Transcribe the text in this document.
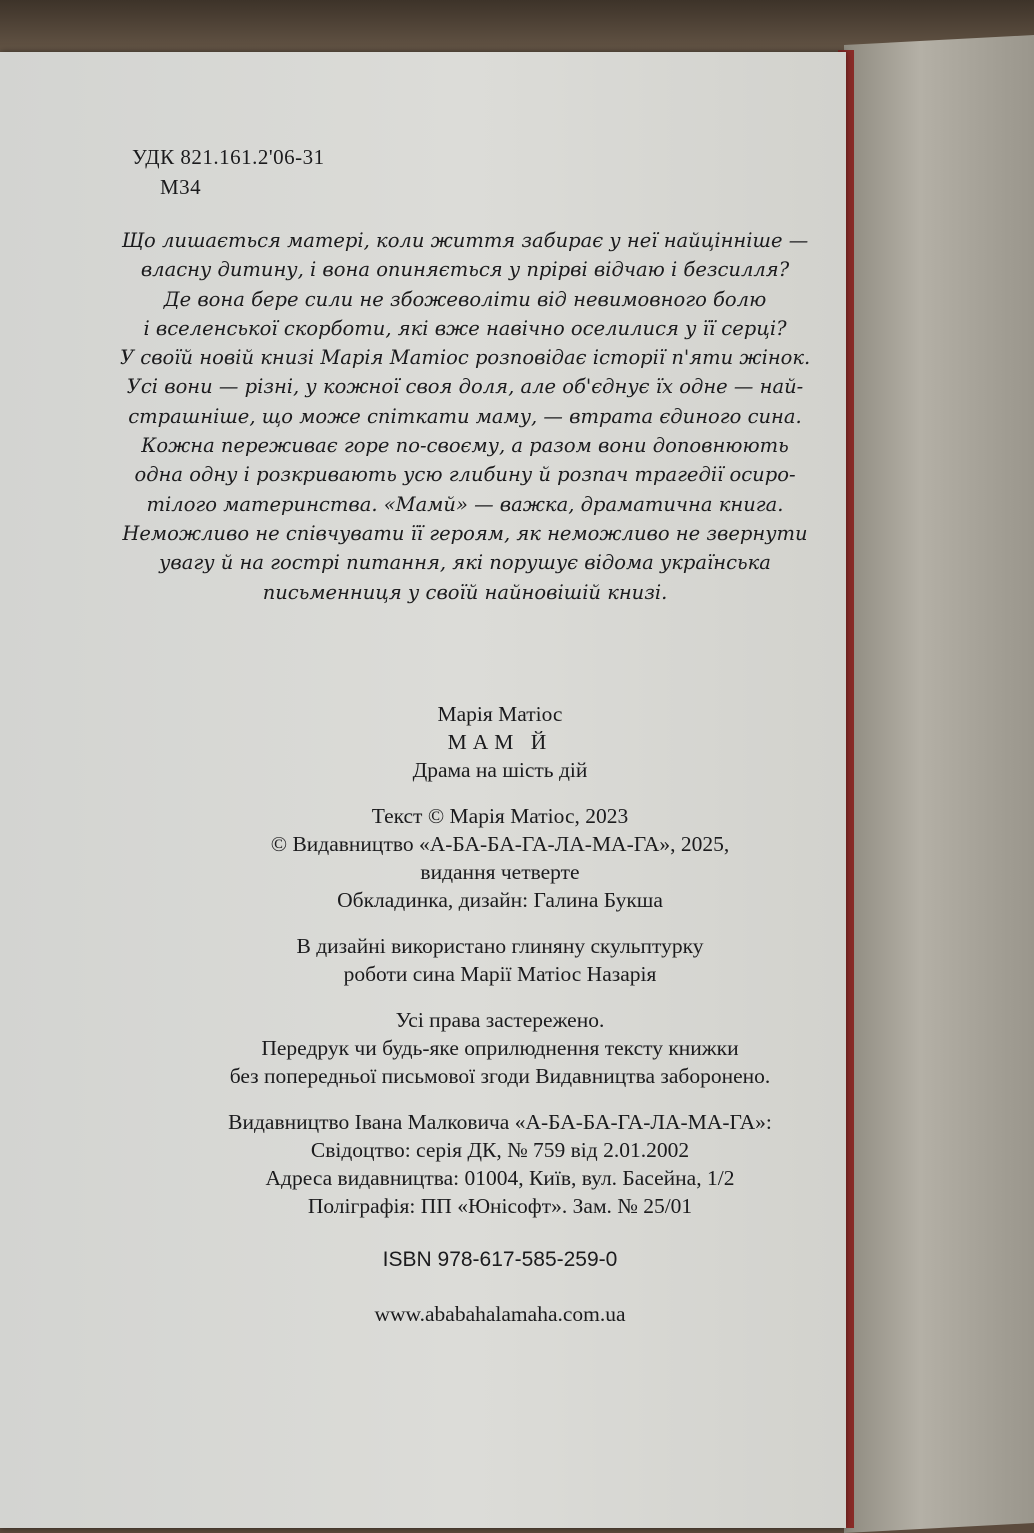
УДК 821.161.2'06-31
М34
Що лишається матері, коли життя забирає у неї найцінніше —
власну дитину, і вона опиняється у прірві відчаю і безсилля?
Де вона бере сили не збожеволіти від невимовного болю
і вселенської скорботи, які вже навічно оселилися у її серці?
У своїй новій книзі Марія Матіос розповідає історії п'яти жінок.
Усі вони — різні, у кожної своя доля, але об'єднує їх одне — най-
страшніше, що може спіткати маму, — втрата єдиного сина.
Кожна переживає горе по-своєму, а разом вони доповнюють
одна одну і розкривають усю глибину й розпач трагедії осиро-
тілого материнства. «Мамй» — важка, драматична книга.
Неможливо не співчувати її героям, як неможливо не звернути
увагу й на гострі питання, які порушує відома українська
письменниця у своїй найновішій книзі.
Марія Матіос
МАМ Й
Драма на шість дій
Текст © Марія Матіос, 2023
© Видавництво «А-БА-БА-ГА-ЛА-МА-ГА», 2025,
видання четверте
Обкладинка, дизайн: Галина Букша
В дизайні використано глиняну скульптурку
роботи сина Марії Матіос Назарія
Усі права застережено.
Передрук чи будь-яке оприлюднення тексту книжки
без попередньої письмової згоди Видавництва заборонено.
Видавництво Івана Малковича «А-БА-БА-ГА-ЛА-МА-ГА»:
Свідоцтво: серія ДК, № 759 від 2.01.2002
Адреса видавництва: 01004, Київ, вул. Басейна, 1/2
Поліграфія: ПП «Юнісофт». Зам. № 25/01
ISBN 978-617-585-259-0
www.ababahalamaha.com.ua
